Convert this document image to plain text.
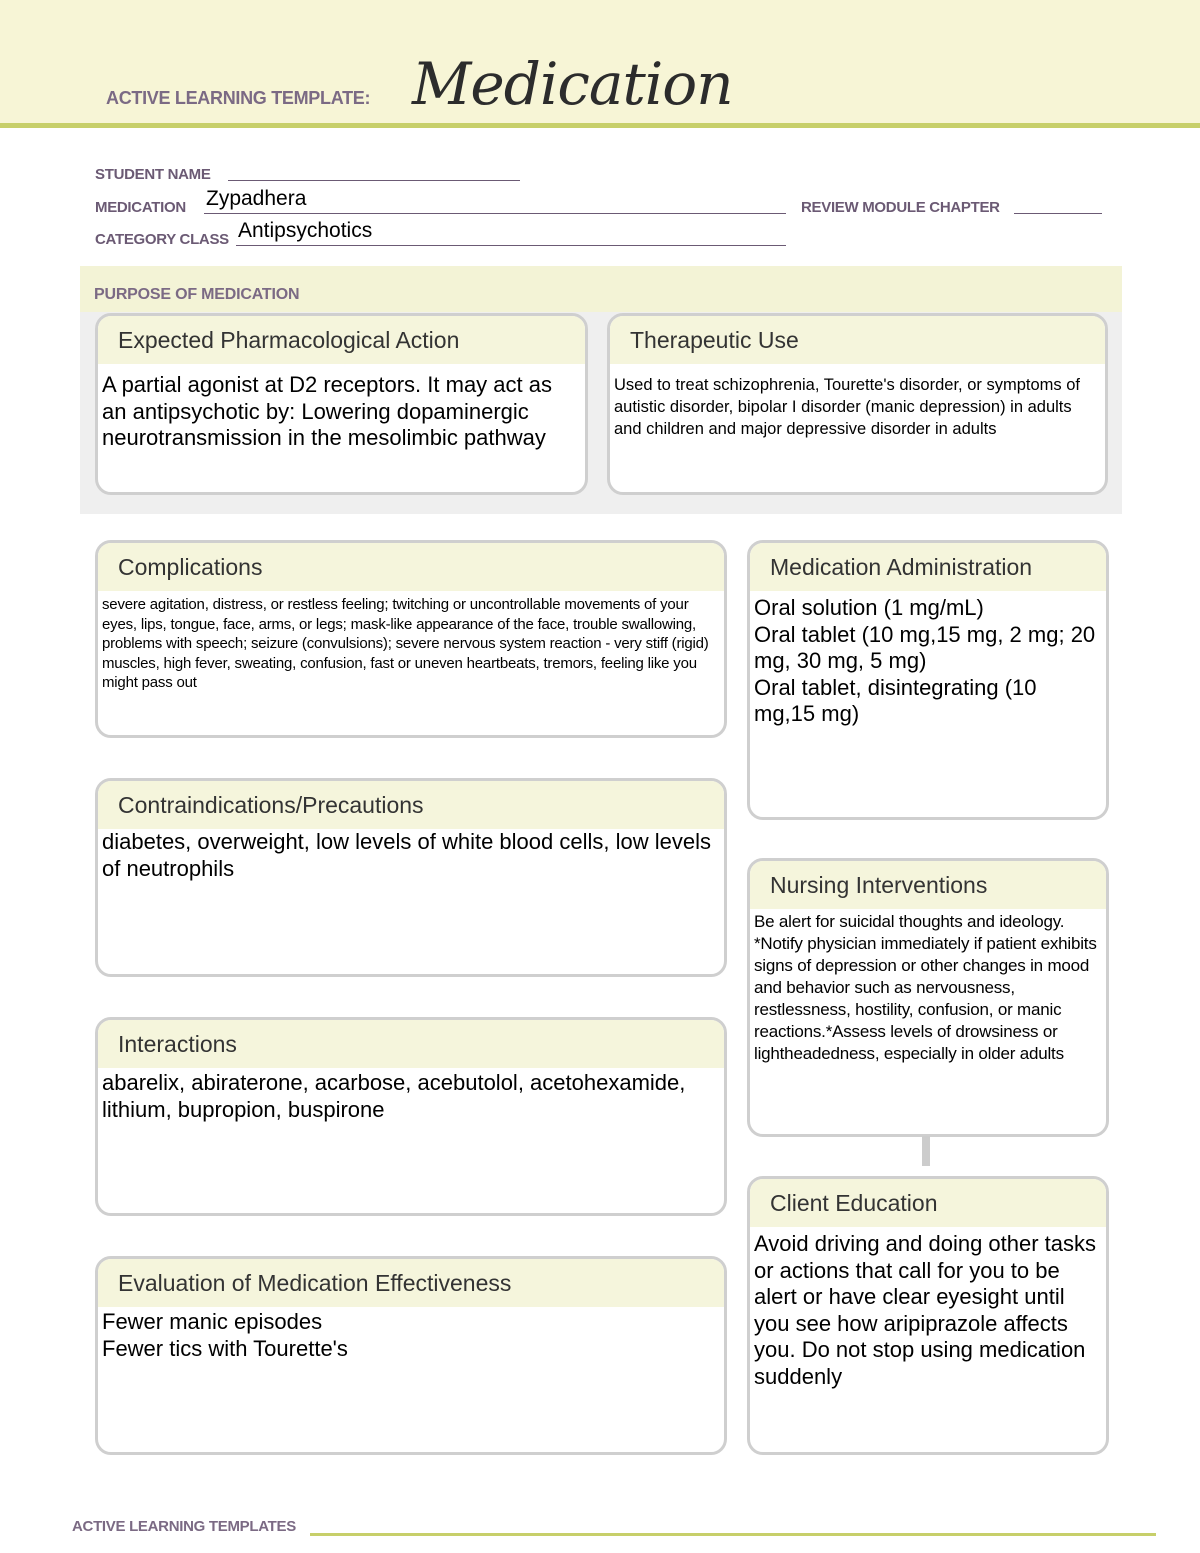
ACTIVE LEARNING TEMPLATE: Medication
STUDENT NAME
MEDICATION Zypadhera	REVIEW MODULE CHAPTER
CATEGORY CLASS Antipsychotics
PURPOSE OF MEDICATION
Expected Pharmacological Action
A partial agonist at D2 receptors. It may act as an antipsychotic by: Lowering dopaminergic neurotransmission in the mesolimbic pathway
Therapeutic Use
Used to treat schizophrenia, Tourette's disorder, or symptoms of autistic disorder, bipolar I disorder (manic depression) in adults and children and major depressive disorder in adults
Complications
severe agitation, distress, or restless feeling; twitching or uncontrollable movements of your eyes, lips, tongue, face, arms, or legs; mask-like appearance of the face, trouble swallowing, problems with speech; seizure (convulsions); severe nervous system reaction - very stiff (rigid) muscles, high fever, sweating, confusion, fast or uneven heartbeats, tremors, feeling like you might pass out
Contraindications/Precautions
diabetes, overweight, low levels of white blood cells, low levels of neutrophils
Interactions
abarelix, abiraterone, acarbose, acebutolol, acetohexamide, lithium, bupropion, buspirone
Evaluation of Medication Effectiveness
Fewer manic episodes
Fewer tics with Tourette's
Medication Administration
Oral solution (1 mg/mL)
Oral tablet (10 mg,15 mg, 2 mg; 20 mg, 30 mg, 5 mg)
Oral tablet, disintegrating (10 mg,15 mg)
Nursing Interventions
Be alert for suicidal thoughts and ideology. *Notify physician immediately if patient exhibits signs of depression or other changes in mood and behavior such as nervousness, restlessness, hostility, confusion, or manic reactions.*Assess levels of drowsiness or lightheadedness, especially in older adults
Client Education
Avoid driving and doing other tasks or actions that call for you to be alert or have clear eyesight until you see how aripiprazole affects you. Do not stop using medication suddenly
ACTIVE LEARNING TEMPLATES
